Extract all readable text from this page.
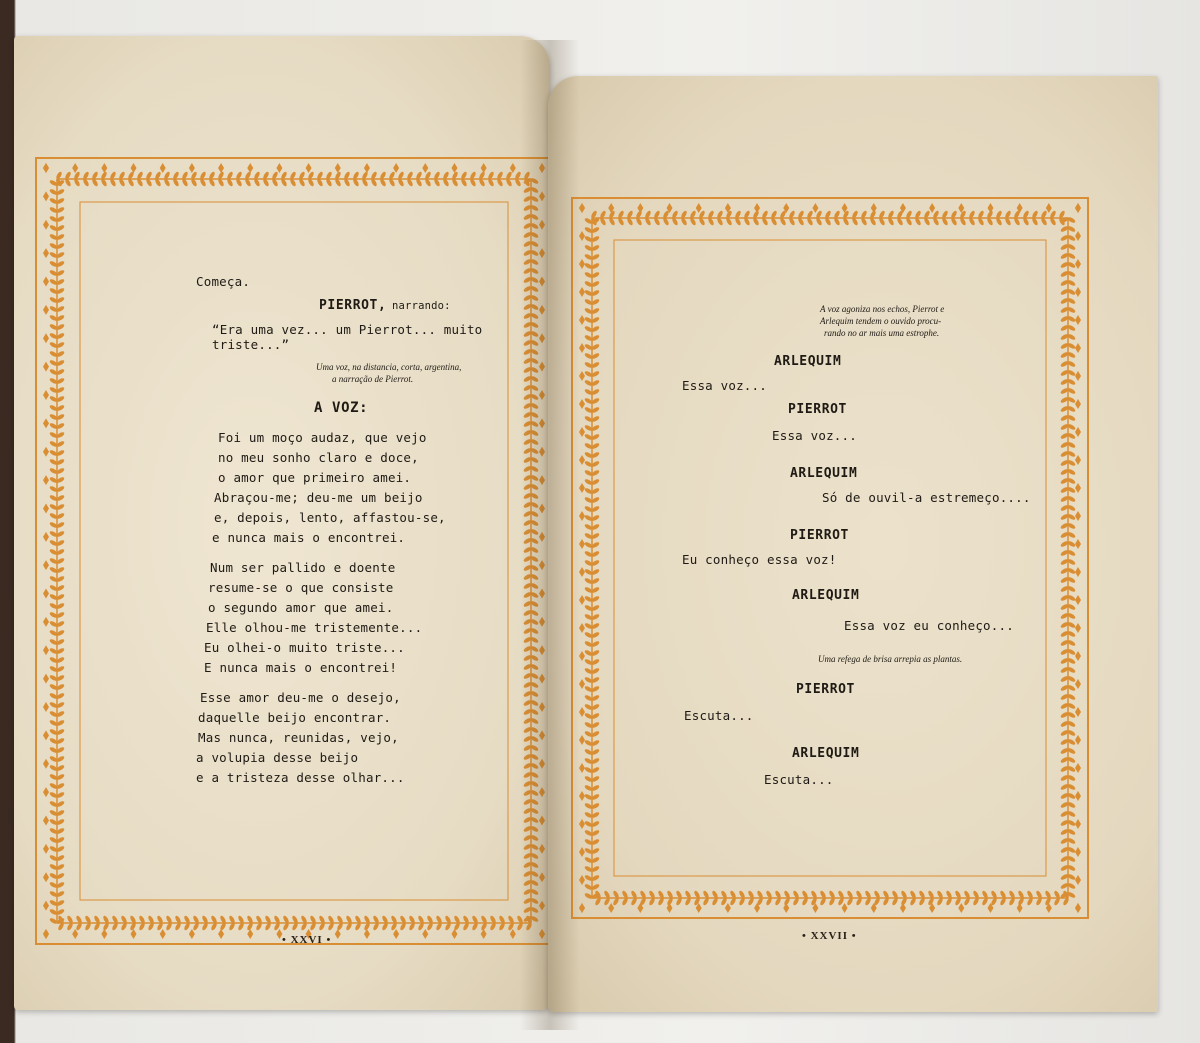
Começa.
PIERROT, narrando:
“Era uma vez... um Pierrot... muito triste...”
Uma voz, na distancia, corta, argentina,
a narração de Pierrot.
A VOZ:
Foi um moço audaz, que vejo
no meu sonho claro e doce,
o amor que primeiro amei.
Abraçou-me; deu-me um beijo
e, depois, lento, affastou-se,
e nunca mais o encontrei.
Num ser pallido e doente
resume-se o que consiste
o segundo amor que amei.
Elle olhou-me tristemente...
Eu olhei-o muito triste...
E nunca mais o encontrei!
Esse amor deu-me o desejo,
daquelle beijo encontrar.
Mas nunca, reunidas, vejo,
a volupia desse beijo
e a tristeza desse olhar...
• XXVI •
A voz agoniza nos echos, Pierrot e
Arlequim tendem o ouvido procu-
rando no ar mais uma estrophe.
ARLEQUIM
Essa voz...
PIERROT
Essa voz...
ARLEQUIM
Só de ouvil-a estremeço....
PIERROT
Eu conheço essa voz!
ARLEQUIM
Essa voz eu conheço...
Uma refega de brisa arrepia as plantas.
PIERROT
Escuta...
ARLEQUIM
Escuta...
• XXVII •
